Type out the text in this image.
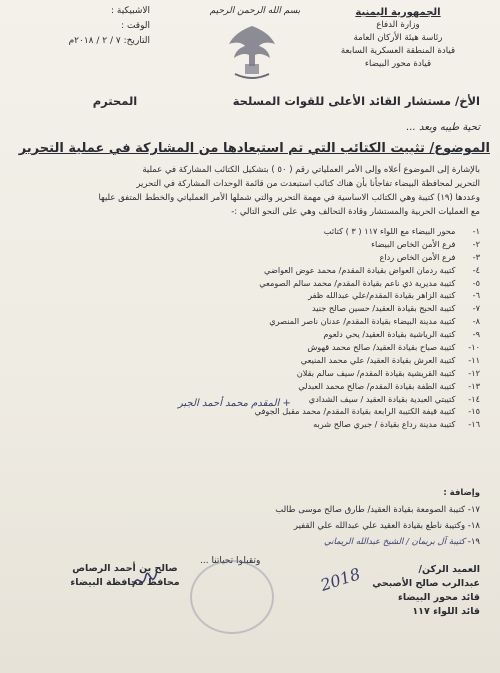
الجمهورية اليمنية
وزارة الدفاع
رئاسة هيئة الأركان العامة
قيادة المنطقة العسكرية السابعة
قيادة محور البيضاء
بسم الله الرحمن الرحيم
الاشبيكية :
الوقت :
التاريخ: ٧ / ٢ / ٢٠١٨م
الأخ/ مستشار القائد الأعلى للقوات المسلحة
المحترم
تحية طيبه وبعد ...
الموضوع/ تثبيت الكتائب التي تم استبعادها من المشاركة في عملية التحرير
بالإشارة إلى الموضوع أعلاه وإلى الأمر العملياتي رقم ( ٥٠ ) بتشكيل الكتائب المشاركة في عملية
التحرير لمحافظة البيضاء تفاجأنا بأن هناك كتائب استبعدت من قائمة الوحدات المشاركة في التحرير
وعددها (١٩) كتيبة وهي الكتائب الاساسية في مهمة التحرير والتي شملها الأمر العملياتي والخطط المتفق عليها
مع العمليات الحربية والمستشار وقادة التحالف وهي على النحو التالي :-
١- محور البيضاء مع اللواء ١١٧ ( ٣ ) كتائب
٢- فرع الأمن الخاص البيضاء
٣- فرع الأمن الخاص رداع
٤- كتيبة ردمان العواض بقيادة المقدم/ محمد عوض العواضي
٥- كتيبة مديرية ذي ناعم بقيادة المقدم/ محمد سالم الصومعي
٦- كتيبة الزاهر بقيادة المقدم/علي عبدالله ظفر
٧- كتيبة الحبج بقيادة العقيد/ حسين صالح جنيد
٨- كتيبة مدينة البيضاء بقيادة المقدم/ عدنان ناصر المنصري
٩- كتيبة الرياشية بقيادة العقيد/ يحي دلعوم
١٠- كتيبة صباح بقيادة العقيد/ صالح محمد قهوش
١١- كتيبة العرش بقيادة العقيد/ علي محمد المنيعي
١٢- كتيبة القريشية بقيادة المقدم/ سيف سالم بقلان
١٣- كتيبة الطفة بقيادة المقدم/ صالح محمد العبدلي
١٤- كتيبتي العبدية بقيادة العقيد / سيف الشدادي
١٥- كتيبة قيفة الكتيبة الرابعة بقيادة المقدم/ محمد مقبل الجوفي
١٦- كتيبة مدينة رداع بقيادة / جبري صالح شربه
+ المقدم محمد أحمد الجبر
وإضافة :
١٧- كتيبة الصومعة بقيادة العقيد/ طارق صالح موسى طالب
١٨- وكتيبة ناطع بقيادة العقيد علي عبدالله علي القفير
١٩- كتيبة آل بريمان / الشيخ عبدالله الريماني
وتقبلوا تحياتنا ...
صالح بن أحمد الرصاص
محافظ محافظة البيضاء	2018	العميد الركن/
عبدالرب صالح الأصبحي
قائد محور البيضاء
قائد اللواء ١١٧
